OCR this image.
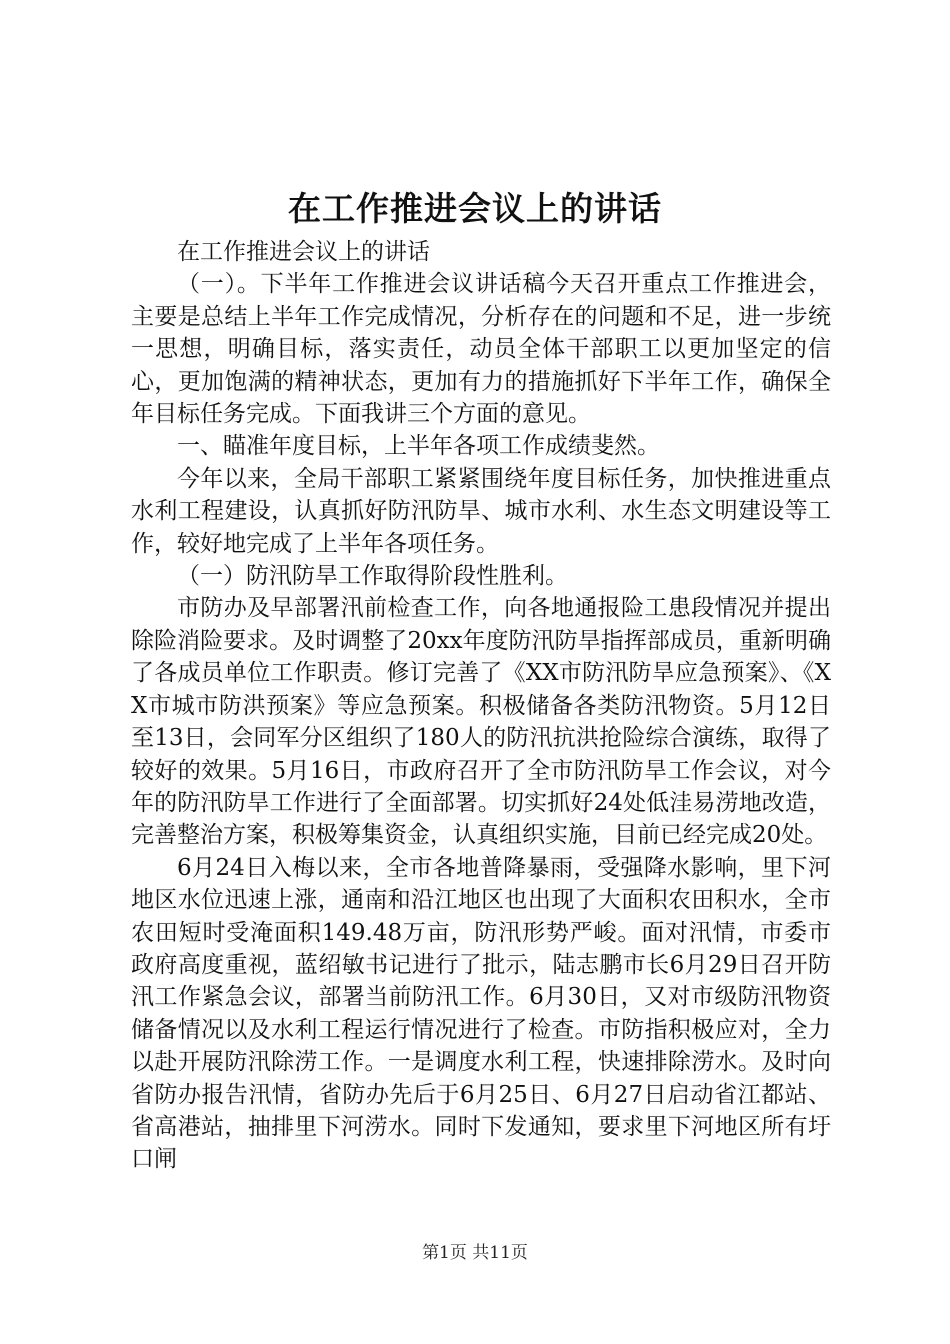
在工作推进会议上的讲话

在工作推进会议上的讲话

（一）。下半年工作推进会议讲话稿今天召开重点工作推进会，主要是总结上半年工作完成情况，分析存在的问题和不足，进一步统一思想，明确目标，落实责任，动员全体干部职工以更加坚定的信心，更加饱满的精神状态，更加有力的措施抓好下半年工作，确保全年目标任务完成。下面我讲三个方面的意见。

一、瞄准年度目标，上半年各项工作成绩斐然。

今年以来，全局干部职工紧紧围绕年度目标任务，加快推进重点水利工程建设，认真抓好防汛防旱、城市水利、水生态文明建设等工作，较好地完成了上半年各项任务。

（一）防汛防旱工作取得阶段性胜利。

市防办及早部署汛前检查工作，向各地通报险工患段情况并提出除险消险要求。及时调整了20xx年度防汛防旱指挥部成员，重新明确了各成员单位工作职责。修订完善了《XX市防汛防旱应急预案》、《XX市城市防洪预案》等应急预案。积极储备各类防汛物资。5月12日至13日，会同军分区组织了180人的防汛抗洪抢险综合演练，取得了较好的效果。5月16日，市政府召开了全市防汛防旱工作会议，对今年的防汛防旱工作进行了全面部署。切实抓好24处低洼易涝地改造，完善整治方案，积极筹集资金，认真组织实施，目前已经完成20处。

6月24日入梅以来，全市各地普降暴雨，受强降水影响，里下河地区水位迅速上涨，通南和沿江地区也出现了大面积农田积水，全市农田短时受淹面积149.48万亩，防汛形势严峻。面对汛情，市委市政府高度重视，蓝绍敏书记进行了批示，陆志鹏市长6月29日召开防汛工作紧急会议，部署当前防汛工作。6月30日，又对市级防汛物资储备情况以及水利工程运行情况进行了检查。市防指积极应对，全力以赴开展防汛除涝工作。一是调度水利工程，快速排除涝水。及时向省防办报告汛情，省防办先后于6月25日、6月27日启动省江都站、省高港站，抽排里下河涝水。同时下发通知，要求里下河地区所有圩口闸

第1页 共11页
